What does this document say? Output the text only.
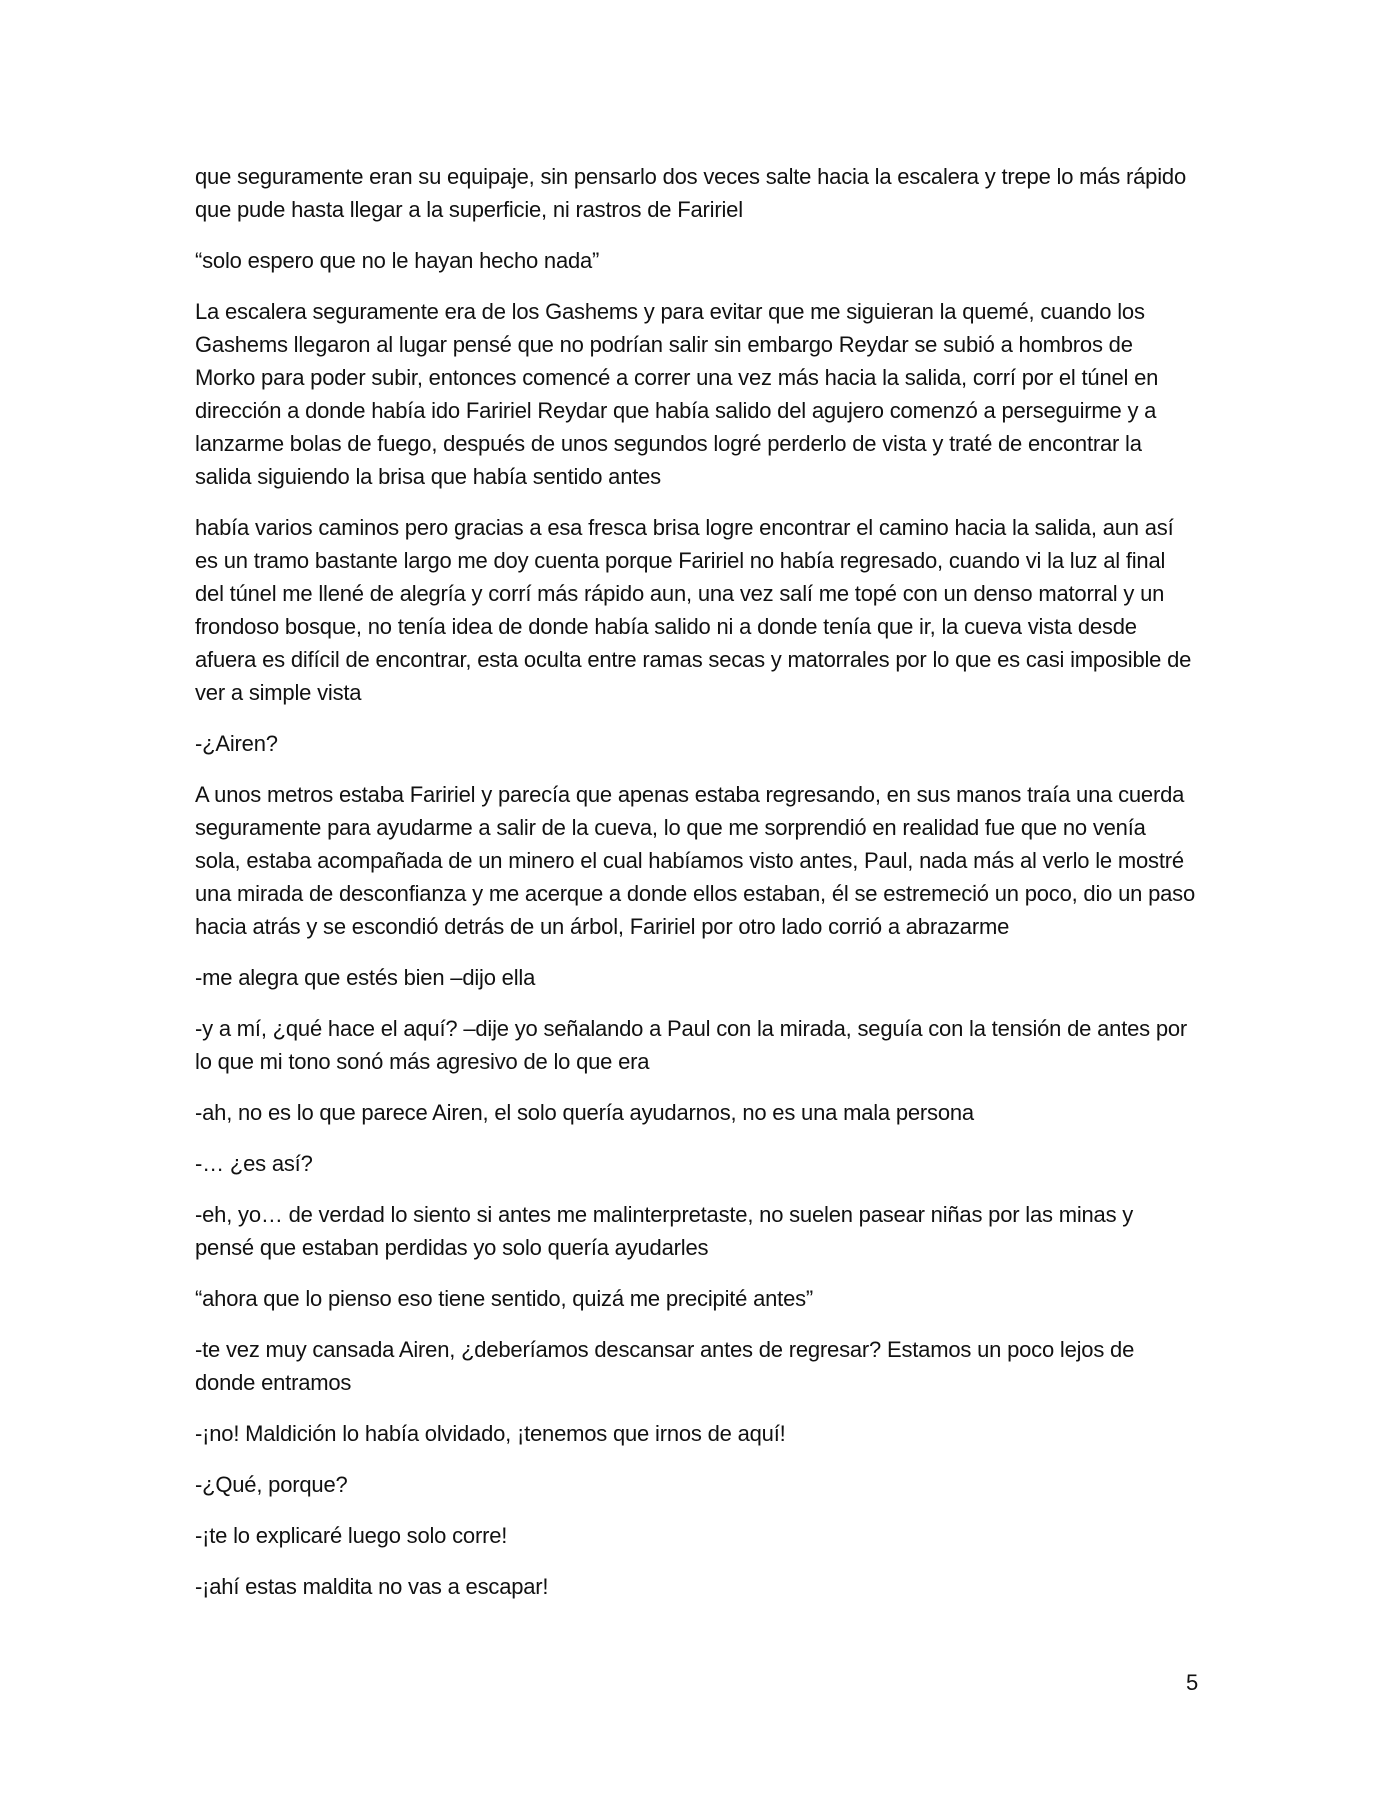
que seguramente eran su equipaje, sin pensarlo dos veces salte hacia la escalera y trepe lo más rápido que pude hasta llegar a la superficie, ni rastros de Faririel

“solo espero que no le hayan hecho nada”

La escalera seguramente era de los Gashems y para evitar que me siguieran la quemé, cuando los Gashems llegaron al lugar pensé que no podrían salir sin embargo Reydar se subió a hombros de Morko para poder subir, entonces comencé a correr una vez más hacia la salida, corrí por el túnel en dirección a donde había ido Faririel Reydar que había salido del agujero comenzó a perseguirme y a lanzarme bolas de fuego, después de unos segundos logré perderlo de vista y traté de encontrar la salida siguiendo la brisa que había sentido antes

había varios caminos pero gracias a esa fresca brisa logre encontrar el camino hacia la salida, aun así es un tramo bastante largo me doy cuenta porque Faririel no había regresado, cuando vi la luz al final del túnel me llené de alegría y corrí más rápido aun, una vez salí me topé con un denso matorral y un frondoso bosque, no tenía idea de donde había salido ni a donde tenía que ir, la cueva vista desde afuera es difícil de encontrar, esta oculta entre ramas secas y matorrales por lo que es casi imposible de ver a simple vista

-¿Airen?

A unos metros estaba Faririel y parecía que apenas estaba regresando, en sus manos traía una cuerda seguramente para ayudarme a salir de la cueva, lo que me sorprendió en realidad fue que no venía sola, estaba acompañada de un minero el cual habíamos visto antes, Paul, nada más al verlo le mostré una mirada de desconfianza y me acerque a donde ellos estaban, él se estremeció un poco, dio un paso hacia atrás y se escondió detrás de un árbol, Faririel por otro lado corrió a abrazarme

-me alegra que estés bien –dijo ella

-y a mí, ¿qué hace el aquí? –dije yo señalando a Paul con la mirada, seguía con la tensión de antes por lo que mi tono sonó más agresivo de lo que era

-ah, no es lo que parece Airen, el solo quería ayudarnos, no es una mala persona

-… ¿es así?

-eh, yo… de verdad lo siento si antes me malinterpretaste, no suelen pasear niñas por las minas y pensé que estaban perdidas yo solo quería ayudarles

“ahora que lo pienso eso tiene sentido, quizá me precipité antes”

-te vez muy cansada Airen, ¿deberíamos descansar antes de regresar? Estamos un poco lejos de donde entramos

-¡no! Maldición lo había olvidado, ¡tenemos que irnos de aquí!

-¿Qué, porque?

-¡te lo explicaré luego solo corre!

-¡ahí estas maldita no vas a escapar!

5
